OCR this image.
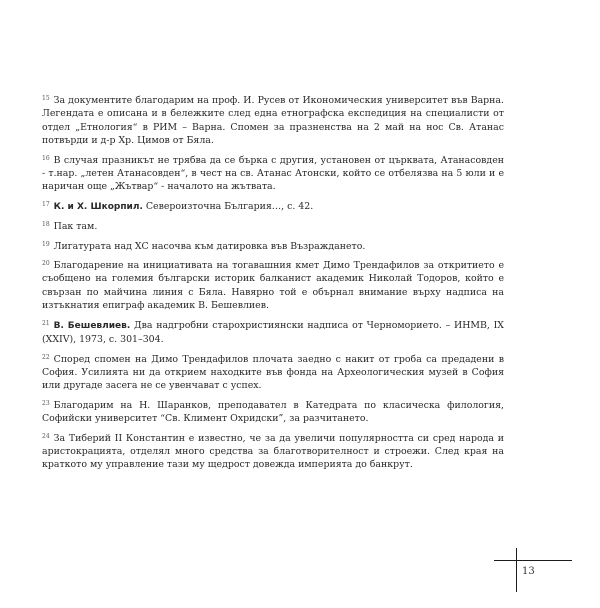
$^{15}$ За документите благодарим на проф. И. Русев от Икономическия университет във Варна. Легендата е описана и в бележките след една етнографска експедиция на специалисти от отдел „Етнология“ в РИМ – Варна. Спомен за празненства на 2 май на нос Св. Атанас потвърди и д-р Хр. Цимов от Бяла.

$^{16}$ В случая празникът не трябва да се бърка с другия, установен от църквата, Атанасовден - т.нар. „летен Атанасовден“, в чест на св. Атанас Атонски, който се отбелязва на 5 юли и е наричан още „Жътвар“ - началото на жътвата.

$^{17}$ К. и Х. Шкорпил. Североизточна България…, с. 42.

$^{18}$ Пак там.

$^{19}$ Лигатурата над ХС насочва към датировка във Възраждането.

$^{20}$ Благодарение на инициативата на тогавашния кмет Димо Трендафилов за откритието е съобщено на големия български историк балканист академик Николай Тодоров, който е свързан по майчина линия с Бяла. Навярно той е обърнал внимание върху надписа на изтъкнатия епиграф академик В. Бешевлиев.

$^{21}$ В. Бешевлиев. Два надгробни старохристиянски надписа от Черноморието. – ИНМВ, IX (XXIV), 1973, с. 301–304.

$^{22}$ Според спомен на Димо Трендафилов плочата заедно с накит от гроба са предадени в София. Усилията ни да открием находките във фонда на Археологическия музей в София или другаде засега не се увенчават с успех.

$^{23}$ Благодарим на Н. Шаранков, преподавател в Катедрата по класическа филология, Софийски университет “Св. Климент Охридски”, за разчитането.

$^{24}$ За Тиберий II Константин е известно, че за да увеличи популярността си сред народа и аристокрацията, отделял много средства за благотворителност и строежи. След края на краткото му управление тази му щедрост довежда империята до банкрут.

13
